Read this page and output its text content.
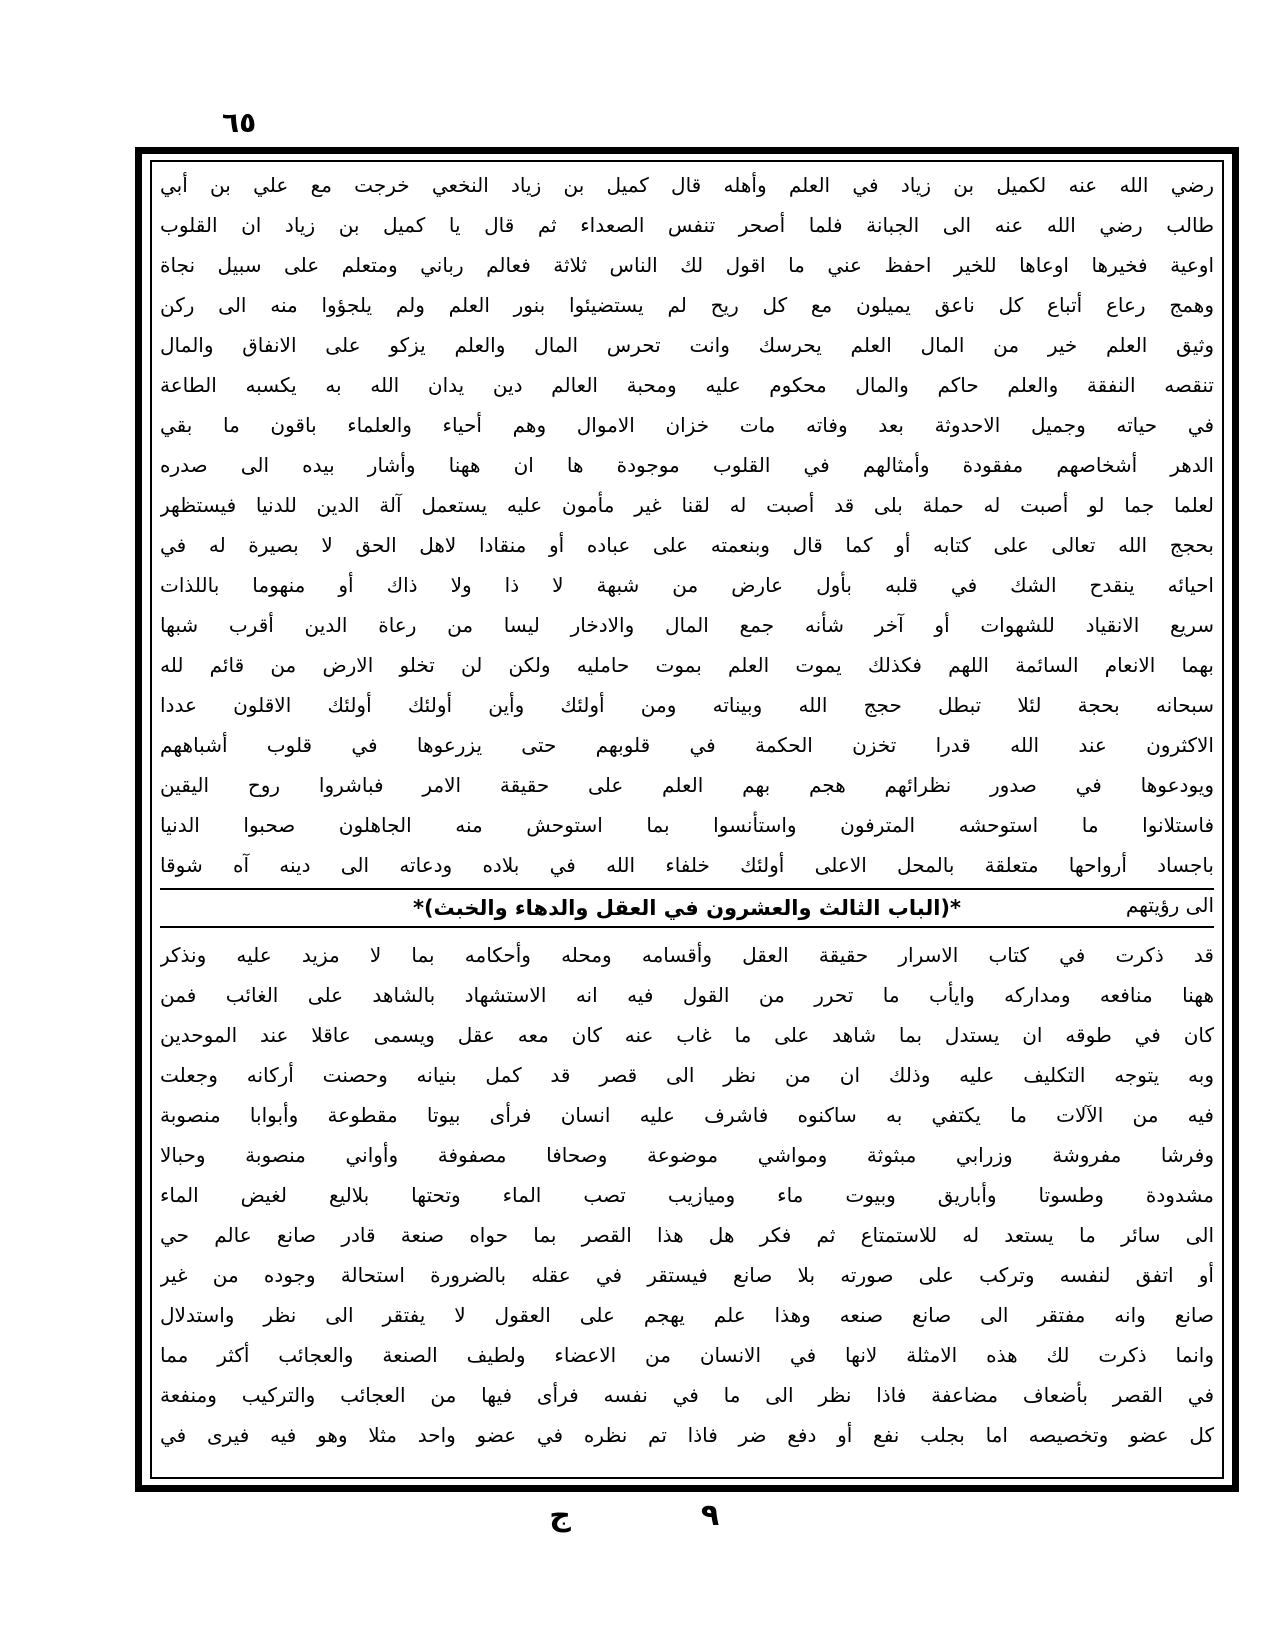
٦٥
رضي الله عنه لكميل بن زياد في العلم وأهله قال كميل بن زياد النخعي خرجت مع علي بن أبي
طالب رضي الله عنه الى الجبانة فلما أصحر تنفس الصعداء ثم قال يا كميل بن زياد ان القلوب
اوعية فخيرها اوعاها للخير احفظ عني ما اقول لك الناس ثلاثة فعالم رباني ومتعلم على سبيل نجاة
وهمج رعاع أتباع كل ناعق يميلون مع كل ريح لم يستضيئوا بنور العلم ولم يلجؤوا منه الى ركن
وثيق العلم خير من المال العلم يحرسك وانت تحرس المال والعلم يزكو على الانفاق والمال
تنقصه النفقة والعلم حاكم والمال محكوم عليه ومحبة العالم دين يدان الله به يكسبه الطاعة
في حياته وجميل الاحدوثة بعد وفاته مات خزان الاموال وهم أحياء والعلماء باقون ما بقي
الدهر أشخاصهم مفقودة وأمثالهم في القلوب موجودة ها ان ههنا وأشار بيده الى صدره
لعلما جما لو أصبت له حملة بلى قد أصبت له لقنا غير مأمون عليه يستعمل آلة الدين للدنيا فيستظهر
بحجج الله تعالى على كتابه أو كما قال وبنعمته على عباده أو منقادا لاهل الحق لا بصيرة له في
احيائه ينقدح الشك في قلبه بأول عارض من شبهة لا ذا ولا ذاك أو منهوما باللذات
سريع الانقياد للشهوات أو آخر شأنه جمع المال والادخار ليسا من رعاة الدين أقرب شبها
بهما الانعام السائمة اللهم فكذلك يموت العلم بموت حامليه ولكن لن تخلو الارض من قائم لله
سبحانه بحجة لئلا تبطل حجج الله وبيناته ومن أولئك وأين أولئك أولئك الاقلون عددا
الاكثرون عند الله قدرا تخزن الحكمة في قلوبهم حتى يزرعوها في قلوب أشباههم
ويودعوها في صدور نظرائهم هجم بهم العلم على حقيقة الامر فباشروا روح اليقين
فاستلانوا ما استوحشه المترفون واستأنسوا بما استوحش منه الجاهلون صحبوا الدنيا
باجساد أرواحها متعلقة بالمحل الاعلى أولئك خلفاء الله في بلاده ودعاته الى دينه آه شوقا
الى رؤيتهم
*(الباب الثالث والعشرون في العقل والدهاء والخبث)*
قد ذكرت في كتاب الاسرار حقيقة العقل وأقسامه ومحله وأحكامه بما لا مزيد عليه ونذكر
ههنا منافعه ومداركه وايأب ما تحرر من القول فيه انه الاستشهاد بالشاهد على الغائب فمن
كان في طوقه ان يستدل بما شاهد على ما غاب عنه كان معه عقل ويسمى عاقلا عند الموحدين
وبه يتوجه التكليف عليه وذلك ان من نظر الى قصر قد كمل بنيانه وحصنت أركانه وجعلت
فيه من الآلات ما يكتفي به ساكنوه فاشرف عليه انسان فرأى بيوتا مقطوعة وأبوابا منصوبة
وفرشا مفروشة وزرابي مبثوثة ومواشي موضوعة وصحافا مصفوفة وأواني منصوبة وحبالا
مشدودة وطسوتا وأباريق وبيوت ماء وميازيب تصب الماء وتحتها بلاليع لغيض الماء
الى سائر ما يستعد له للاستمتاع ثم فكر هل هذا القصر بما حواه صنعة قادر صانع عالم حي
أو اتفق لنفسه وتركب على صورته بلا صانع فيستقر في عقله بالضرورة استحالة وجوده من غير
صانع وانه مفتقر الى صانع صنعه وهذا علم يهجم على العقول لا يفتقر الى نظر واستدلال
وانما ذكرت لك هذه الامثلة لانها في الانسان من الاعضاء ولطيف الصنعة والعجائب أكثر مما
في القصر بأضعاف مضاعفة فاذا نظر الى ما في نفسه فرأى فيها من العجائب والتركيب ومنفعة
كل عضو وتخصيصه اما بجلب نفع أو دفع ضر فاذا تم نظره في عضو واحد مثلا وهو فيه فيرى في
ج	٩
